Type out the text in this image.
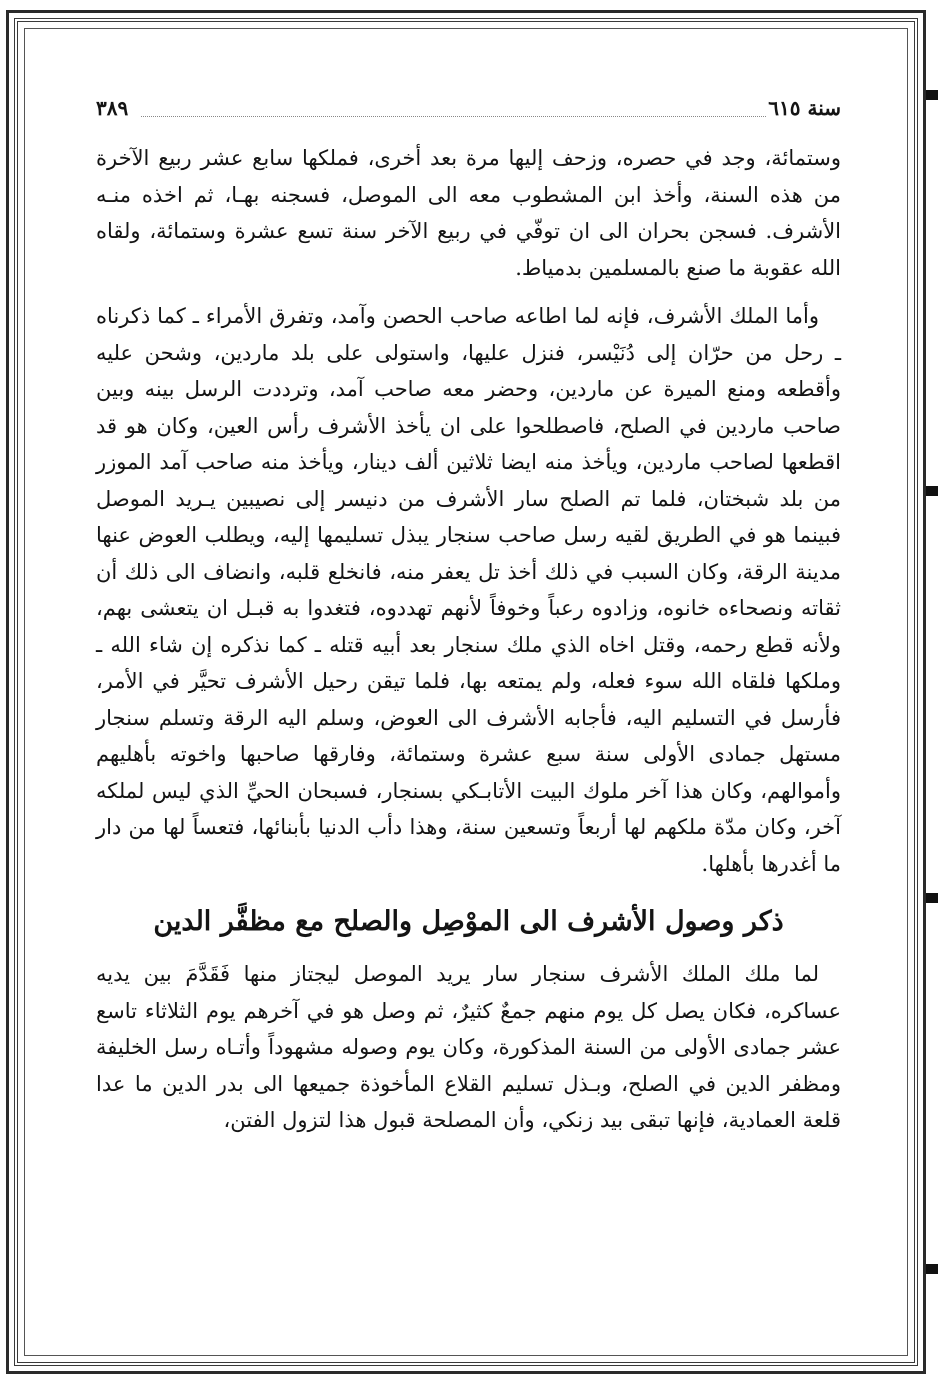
سنة ٦١٥
٣٨٩

وستمائة، وجد في حصره، وزحف إليها مرة بعد أخرى، فملكها سابع عشر ربيع الآخرة من هذه السنة، وأخذ ابن المشطوب معه الى الموصل، فسجنه بهـا، ثم اخذه منـه الأشرف. فسجن بحران الى ان توفّي في ربيع الآخر سنة تسع عشرة وستمائة، ولقاه الله عقوبة ما صنع بالمسلمين بدمياط.

وأما الملك الأشرف، فإنه لما اطاعه صاحب الحصن وآمد، وتفرق الأمراء ـ كما ذكرناه ـ رحل من حرّان إلى دُنَيْسر، فنزل عليها، واستولى على بلد ماردين، وشحن عليه وأقطعه ومنع الميرة عن ماردين، وحضر معه صاحب آمد، وترددت الرسل بينه وبين صاحب ماردين في الصلح، فاصطلحوا على ان يأخذ الأشرف رأس العين، وكان هو قد اقطعها لصاحب ماردين، ويأخذ منه ايضا ثلاثين ألف دينار، ويأخذ منه صاحب آمد الموزر من بلد شبختان، فلما تم الصلح سار الأشرف من دنيسر إلى نصيبين يـريد الموصل فبينما هو في الطريق لقيه رسل صاحب سنجار يبذل تسليمها إليه، ويطلب العوض عنها مدينة الرقة، وكان السبب في ذلك أخذ تل يعفر منه، فانخلع قلبه، وانضاف الى ذلك أن ثقاته ونصحاءه خانوه، وزادوه رعباً وخوفاً لأنهم تهددوه، فتغدوا به قبـل ان يتعشى بهم، ولأنه قطع رحمه، وقتل اخاه الذي ملك سنجار بعد أبيه قتله ـ كما نذكره إن شاء الله ـ وملكها فلقاه الله سوء فعله، ولم يمتعه بها، فلما تيقن رحيل الأشرف تحيَّر في الأمر، فأرسل في التسليم اليه، فأجابه الأشرف الى العوض، وسلم اليه الرقة وتسلم سنجار مستهل جمادى الأولى سنة سبع عشرة وستمائة، وفارقها صاحبها واخوته بأهليهم وأموالهم، وكان هذا آخر ملوك البيت الأتابـكي بسنجار، فسبحان الحيِّ الذي ليس لملكه آخر، وكان مدّة ملكهم لها أربعاً وتسعين سنة، وهذا دأب الدنيا بأبنائها، فتعساً لها من دار ما أغدرها بأهلها.

ذكر وصول الأشرف الى الموْصِل والصلح مع مظفَّر الدين

لما ملك الملك الأشرف سنجار سار يريد الموصل ليجتاز منها فَقَدَّمَ بين يديه عساكره، فكان يصل كل يوم منهم جمعٌ كثيرٌ، ثم وصل هو في آخرهم يوم الثلاثاء تاسع عشر جمادى الأولى من السنة المذكورة، وكان يوم وصوله مشهوداً وأتـاه رسل الخليفة ومظفر الدين في الصلح، وبـذل تسليم القلاع المأخوذة جميعها الى بدر الدين ما عدا قلعة العمادية، فإنها تبقى بيد زنكي، وأن المصلحة قبول هذا لتزول الفتن،
